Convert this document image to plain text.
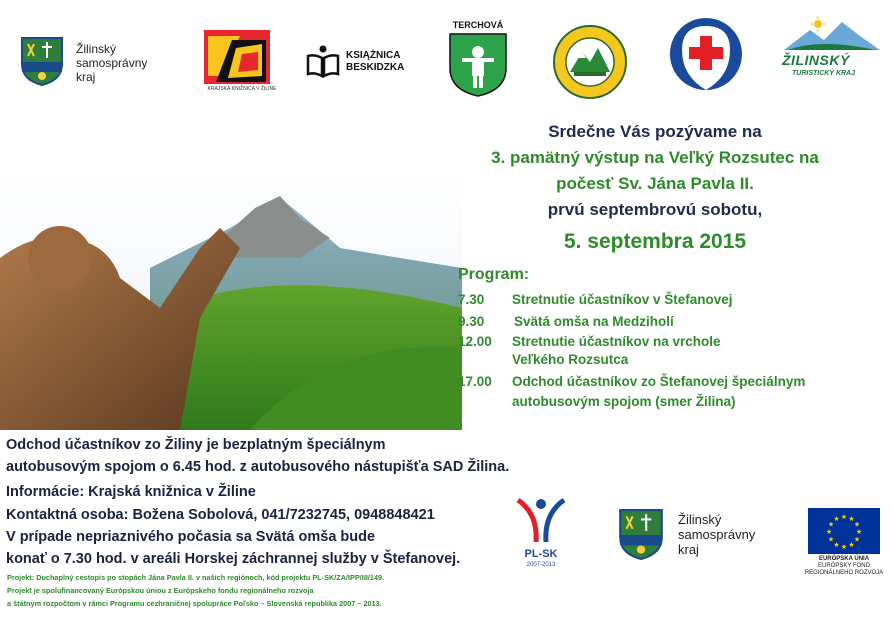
Žilinský
samosprávny
kraj
KRAJSKÁ KNIŽNICA V ŽILINE
KSIĄŻNICA
BESKIDZKA
TERCHOVÁ
ŽILINSKÝ
TURISTICKÝ KRAJ
Srdečne Vás pozývame na
3. pamätný výstup na Veľký Rozsutec na
počesť Sv. Jána Pavla II.
prvú septembrovú sobotu,
5. septembra 2015
Program:
7.30 Stretnutie účastníkov v Štefanovej
9.30 Svätá omša na Medziholí
12.00 Stretnutie účastníkov na vrchole
Veľkého Rozsutca
17.00 Odchod účastníkov zo Štefanovej špeciálnym
autobusovým spojom (smer Žilina)
Odchod účastníkov zo Žiliny je bezplatným špeciálnym
autobusovým spojom o 6.45 hod. z autobusového nástupišťa SAD Žilina.
Informácie: Krajská knižnica v Žiline
Kontaktná osoba: Božena Sobolová, 041/7232745, 0948848421
V prípade nepriaznivého počasia sa Svätá omša bude
konať o 7.30 hod. v areáli Horskej záchrannej služby v Štefanovej.
Projekt: Duchaplný cestopis po stopách Jána Pavla II. v našich regiónoch, kód projektu PL-SK/ZA/IPP/III/149.
Projekt je spolufinancovaný Európskou úniou z Európskeho fondu regionálneho rozvoja
a štátnym rozpočtom v rámci Programu cezhraničnej spolupráce Poľsko – Slovenská republika 2007 – 2013.
PL-SK
2007-2013
Žilinský
samosprávny
kraj
★ ★
★
★
★
★
★
★
★
★
★
★
EURÓPSKA ÚNIA
EURÓPSKY FOND
REGIONÁLNEHO ROZVOJA
